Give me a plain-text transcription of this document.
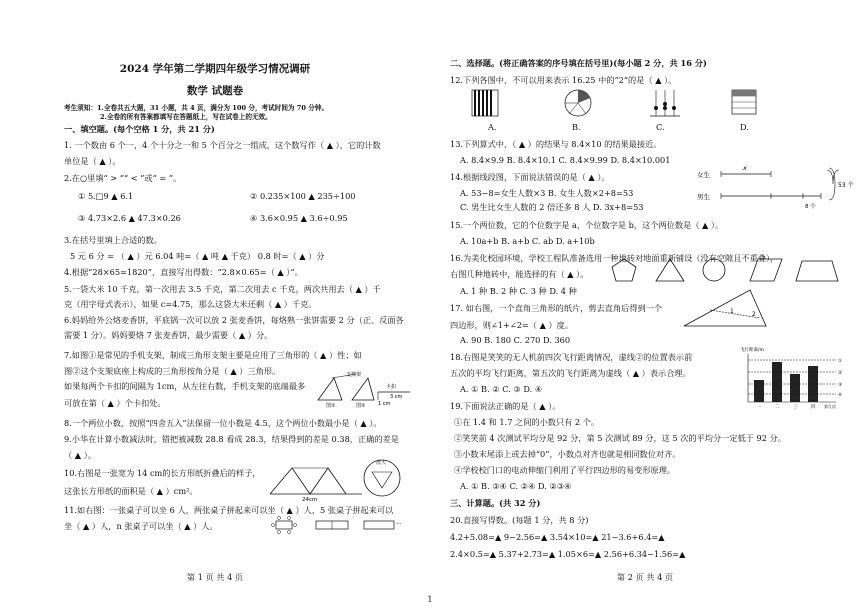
2024 学年第二学期四年级学习情况调研
数学 试题卷
考生须知：1.全卷共五大题，31 小题，共 4 页，满分为 100 分，考试时间为 70 分钟。
2.全卷的所有答案都填写在答题纸上，写在试卷上的无效。
一、填空题。(每个空格 1 分，共 21 分)
1. 一个数由 6 个一，4 个十分之一和 5 个百分之一组成，这个数写作（ ▲ ），它的计数
单位是（ ▲ ）。
2.在○里填“ > ”“ < ”或“ = ”。
① 5.□9 ▲ 6.1	② 0.235×100 ▲ 235÷100
③ 4.73×2.6 ▲ 47.3×0.26	④ 3.6×0.95 ▲ 3.6÷0.95
3.在括号里填上合适的数。
5 元 6 分 = （ ▲ ）元 6.04 吨=（ ▲ 吨 ▲ 千克） 0.8 时=（ ▲ ）分
4.根据“28×65=1820”，直接写出得数：“2.8×0.65=（ ▲ ）”。
5.一袋大米 10 千克，第一次用去 3.5 千克，第二次用去 c 千克，两次共用去（ ▲ ）千
克（用字母式表示），如果 c=4.75，那么这袋大米还剩（ ▲ ）千克。
6.妈妈给外公烙麦香饼，平底锅一次可以放 2 张麦香饼，每烙熟一张饼需要 2 分（正、反面各
需要 1 分）。妈妈要烙 7 张麦香饼，最少需要（ ▲ ）分。
7.如图①是常见的手机支架，制成三角形支架主要是应用了三角形的（ ▲ ）性；如
图②这个支架底座上构成的三角形按角分是（ ▲ ）三角形。
如果每两个卡扣的间隔为 1cm，从左往右数，手机支架的底端最多
可放在第（ ▲ ）个卡扣处。
支撑架
卡扣
3 cm
1 cm
图①	图②
8.一个两位小数，按照“四舍五入”法保留一位小数是 4.5，这个两位小数最小是（ ▲ ）。
9.小华在计算小数减法时，错把被减数 28.8 看成 28.3，结果得到的差是 0.38，正确的差是
（ ▲ ）。
10.右图是一张宽为 14 cm的长方形纸折叠后的样子，
这张长方形纸的面积是（ ▲ ）cm²。
24cm
放大
11.如右图：一张桌子可以坐 6 人，两张桌子拼起来可以坐（ ▲ ）人，5 张桌子拼起来可以
坐（ ▲ ）人，n 张桌子可以坐（ ▲ ）人。	···
第 1 页 共 4 页
二、选择题。(将正确答案的序号填在括号里)(每小题 2 分，共 16 分)
12.下列各图中，不可以用来表示 16.25 中的“2”的是（ ▲ ）。
A.	B.	C.	D.
13.下列算式中，（ ▲ ）的结果与 8.4×10 的结果最接近。
A. 8.4×9.9 B. 8.4×10.1 C. 8.4×9.99 D. 8.4×10.001
14.根据线段图，下面说法错误的是（ ▲ ）。
A. 53−8=女生人数×3 B. 女生人数×2+8=53
C. 男生比女生人数的 2 倍还多 8 人 D. 3x+8=53
女生
男生
x
8 个
53 个
15.一个两位数，它的个位数字是 a，个位数字是 b，这个两位数是（ ▲ ）。
A. 10a+b B. a+b C. ab D. a+10b
16.为美化校园环境，学校工程队准备选用一种地砖对地面重新铺设（没有空隙且不重叠），
右图几种地砖中，能选择的有（ ▲ ）。
A. 1 种 B. 2 种 C. 3 种 D. 4 种
17. 如右图，一个直角三角形的纸片，剪去直角后得到一个
四边形，则∠1+∠2=（ ▲ ）度。
A. 90 B. 180 C. 270 D. 360
1	2
18.右图是笑笑的无人机前四次飞行距离情况，虚线②的位置表示前
五次的平均飞行距离，第五次的飞行距离为虚线（ ▲ ）表示合理。
A. ① B. ② C. ③ D. ④
飞行距离/m
①
②
③
④
一	二	三	四 第几次
19.下面说法正确的是（ ▲ ）。
①在 1.4 和 1.7 之间的小数只有 2 个。
②笑笑前 4 次测试平均分是 92 分，第 5 次测试 89 分，这 5 次的平均分一定低于 92 分。
③小数末尾添上或去掉“0”，小数点对齐也就是相同数位对齐。
④学校校门口的电动伸缩门利用了平行四边形的易变形原理。
A. ① B. ③④ C. ②④ D. ②③④
三、计算题。(共 32 分)
20.直接写得数。(每题 1 分，共 8 分)
4.2+5.08=▲ 9−2.56=▲ 3.54×10=▲ 21−3.6+6.4=▲
2.4×0.5=▲ 5.37+2.73=▲ 1.05×6=▲ 2.56+6.34−1.56=▲
第 2 页 共 4 页
1
